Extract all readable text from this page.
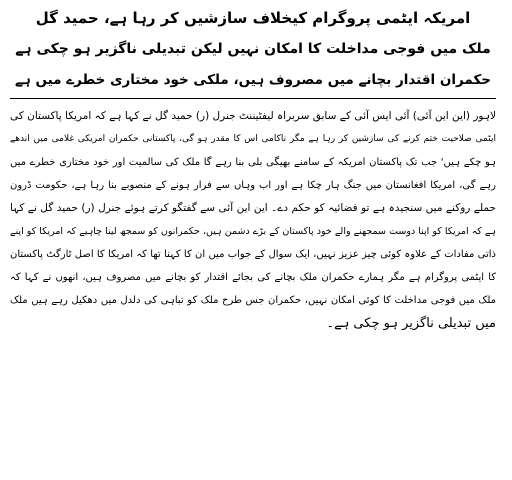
امریکہ ایٹمی پروگرام کیخلاف سازشیں کر رہا ہے، حمید گل
ملک میں فوجی مداخلت کا امکان نہیں لیکن تبدیلی ناگزیر ہو چکی ہے
حکمران اقتدار بچانے میں مصروف ہیں، ملکی خود مختاری خطرے میں ہے
لاہور (این این آئی) آئی ایس آئی کے سابق سربراہ لیفٹیننٹ جنرل (ر) حمید گل نے کہا ہے کہ امریکا پاکستان کی
ایٹمی صلاحیت ختم کرنے کی سازشیں کر رہا ہے مگر ناکامی اس کا مقدر ہو گی، پاکستانی حکمران امریکی غلامی میں اندھے
ہو چکے ہیں' جب تک پاکستان امریکہ کے سامنے بھیگی بلی بنا رہے گا ملک کی سالمیت اور خود مختاری خطرے میں
رہے گی، امریکا افغانستان میں جنگ ہار چکا ہے اور اب وہاں سے فرار ہونے کے منصوبے بنا رہا ہے، حکومت ڈرون
حملے روکنے میں سنجیدہ ہے تو فضائیہ کو حکم دے۔ این این آئی سے گفتگو کرتے ہوئے جنرل (ر) حمید گل نے کہا
ہے کہ امریکا کو اپنا دوست سمجھنے والے خود پاکستان کے بڑے دشمن ہیں، حکمرانوں کو سمجھ لینا چاہیے کہ امریکا کو اپنے
ذاتی مفادات کے علاوہ کوئی چیز عزیز نہیں، ایک سوال کے جواب میں ان کا کہنا تھا کہ امریکا کا اصل ٹارگٹ پاکستان
کا ایٹمی پروگرام ہے مگر ہمارے حکمران ملک بچانے کی بجائے اقتدار کو بچانے میں مصروف ہیں، انھوں نے کہا کہ
ملک میں فوجی مداخلت کا کوئی امکان نہیں، حکمران جس طرح ملک کو تباہی کی دلدل میں دھکیل رہے ہیں ملک
میں تبدیلی ناگزیر ہو چکی ہے۔
